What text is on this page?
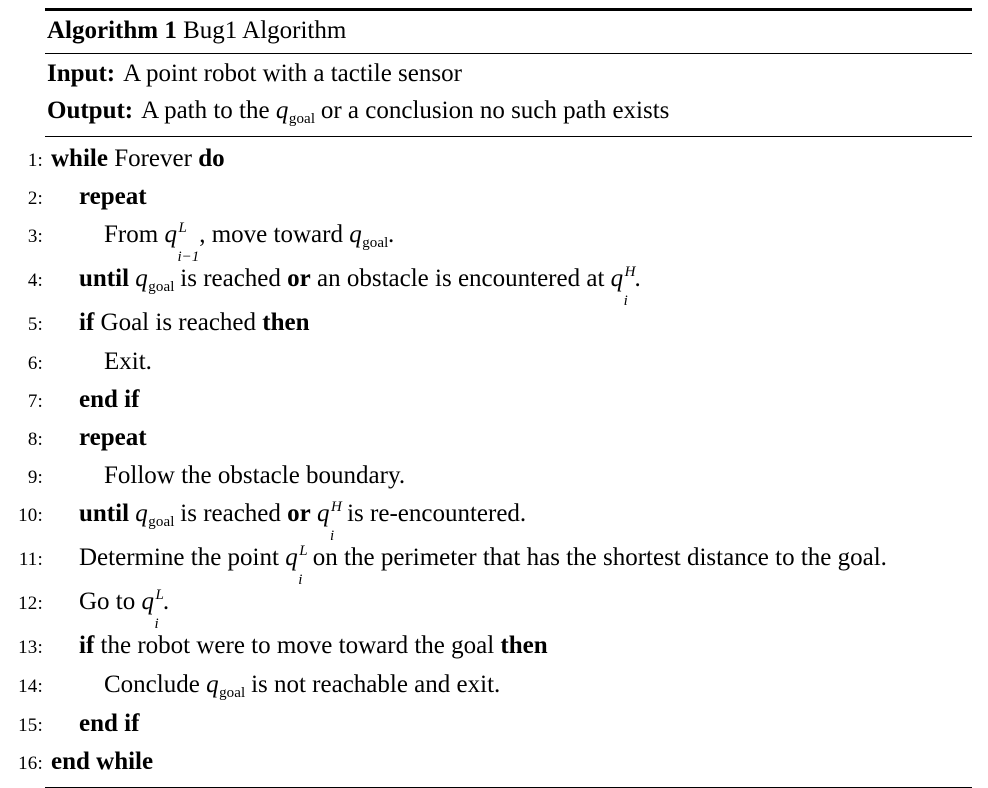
Algorithm 1 Bug1 Algorithm
Input: A point robot with a tactile sensor
Output: A path to the qgoal or a conclusion no such path exists
1: while Forever do
2:	repeat
3:	From q L
i−1
, move toward qgoal.
4:	until qgoal is reached or an obstacle is encountered at q H
i
.
5:	if Goal is reached then
6:	Exit.
7:	end if
8:	repeat
9:	Follow the obstacle boundary.
10:	until qgoal is reached or q H
i
is re-encountered.
11:	Determine the point q L
i
on the perimeter that has the shortest distance to the goal.
12:	Go to q L
i
.
13:	if the robot were to move toward the goal then
14:	Conclude qgoal is not reachable and exit.
15:	end if
16: end while
